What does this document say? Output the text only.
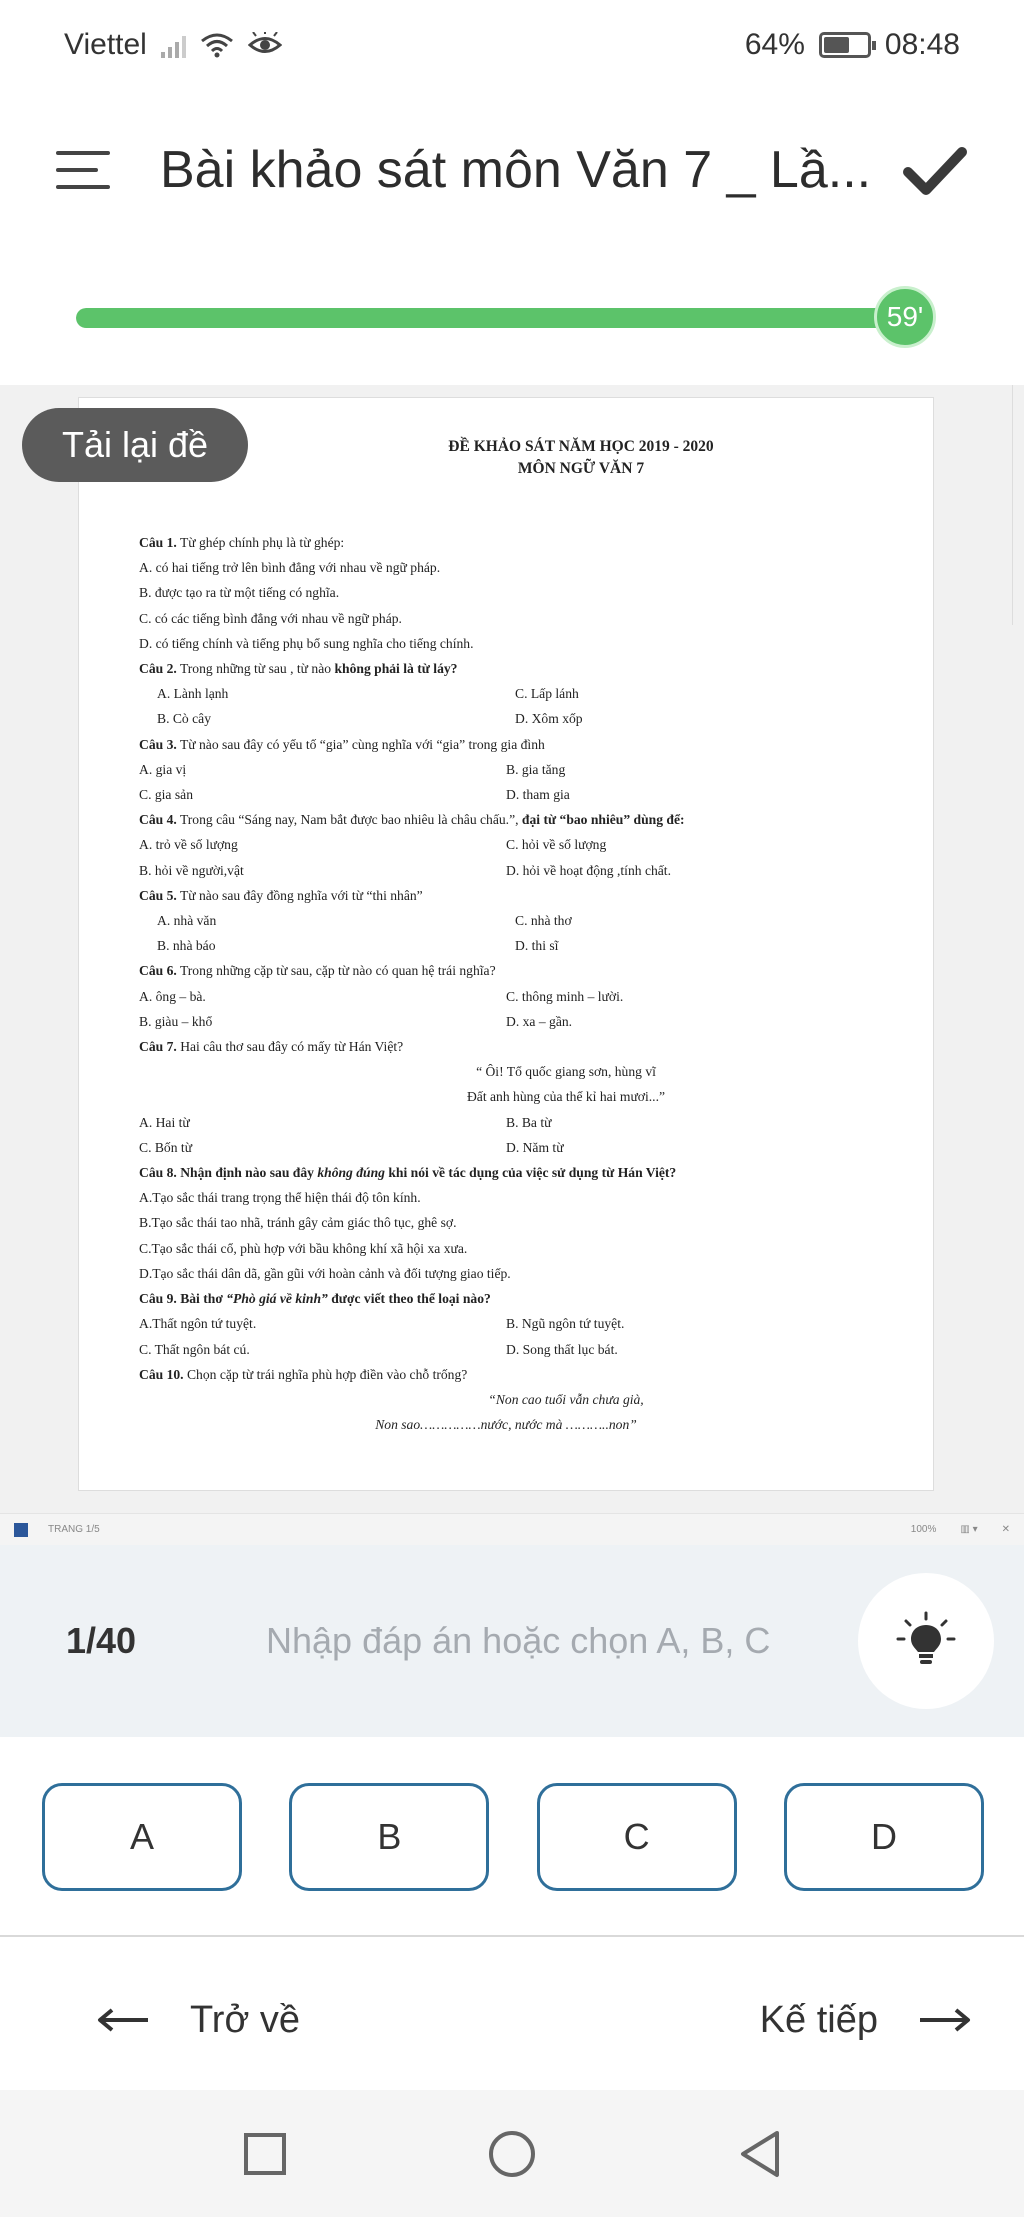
Viettel	64%	08:48
Bài khảo sát môn Văn 7 _ Lầ...
59'
ĐỀ KHẢO SÁT NĂM HỌC 2019 - 2020
MÔN NGỮ VĂN 7
Câu 1. Từ ghép chính phụ là từ ghép:
A. có hai tiếng trở lên bình đẳng với nhau về ngữ pháp.
B. được tạo ra từ một tiếng có nghĩa.
C. có các tiếng bình đẳng với nhau về ngữ pháp.
D. có tiếng chính và tiếng phụ bổ sung nghĩa cho tiếng chính.
Câu 2. Trong những từ sau , từ nào không phải là từ láy?
A. Lành lạnh	C. Lấp lánh
B. Cò cây	D. Xôm xốp
Câu 3. Từ nào sau đây có yếu tố “gia” cùng nghĩa với “gia” trong gia đình
A. gia vị	B. gia tăng
C. gia sản	D. tham gia
Câu 4. Trong câu “Sáng nay, Nam bắt được bao nhiêu là châu chấu.”, đại từ “bao nhiêu” dùng để:
A. trỏ về số lượng	C. hỏi về số lượng
B. hỏi về người,vật	D. hỏi về hoạt động ,tính chất.
Câu 5. Từ nào sau đây đồng nghĩa với từ “thi nhân”
A. nhà văn	C. nhà thơ
B. nhà báo	D. thi sĩ
Câu 6. Trong những cặp từ sau, cặp từ nào có quan hệ trái nghĩa?
A. ông – bà.	C. thông minh – lười.
B. giàu – khổ	D. xa – gần.
Câu 7. Hai câu thơ sau đây có mấy từ Hán Việt?
“ Ôi! Tổ quốc giang sơn, hùng vĩ
Đất anh hùng của thế kỉ hai mươi...”
A. Hai từ	B. Ba từ
C. Bốn từ	D. Năm từ
Câu 8. Nhận định nào sau đây không đúng khi nói về tác dụng của việc sử dụng từ Hán Việt?
A.Tạo sắc thái trang trọng thể hiện thái độ tôn kính.
B.Tạo sắc thái tao nhã, tránh gây cảm giác thô tục, ghê sợ.
C.Tạo sắc thái cổ, phù hợp với bầu không khí xã hội xa xưa.
D.Tạo sắc thái dân dã, gần gũi với hoàn cảnh và đối tượng giao tiếp.
Câu 9. Bài thơ “Phò giá về kinh” được viết theo thể loại nào?
A.Thất ngôn tứ tuyệt.	B. Ngũ ngôn tứ tuyệt.
C. Thất ngôn bát cú.	D. Song thất lục bát.
Câu 10. Chọn cặp từ trái nghĩa phù hợp điền vào chỗ trống?
“Non cao tuổi vẫn chưa già,
Non sao……………nước, nước mà ………..non”
Tải lại đề
TRANG 1/5	100% ▥ ▾ ✕
1/40
Nhập đáp án hoặc chọn A, B, C
A	B	C	D
Trở về	Kế tiếp
